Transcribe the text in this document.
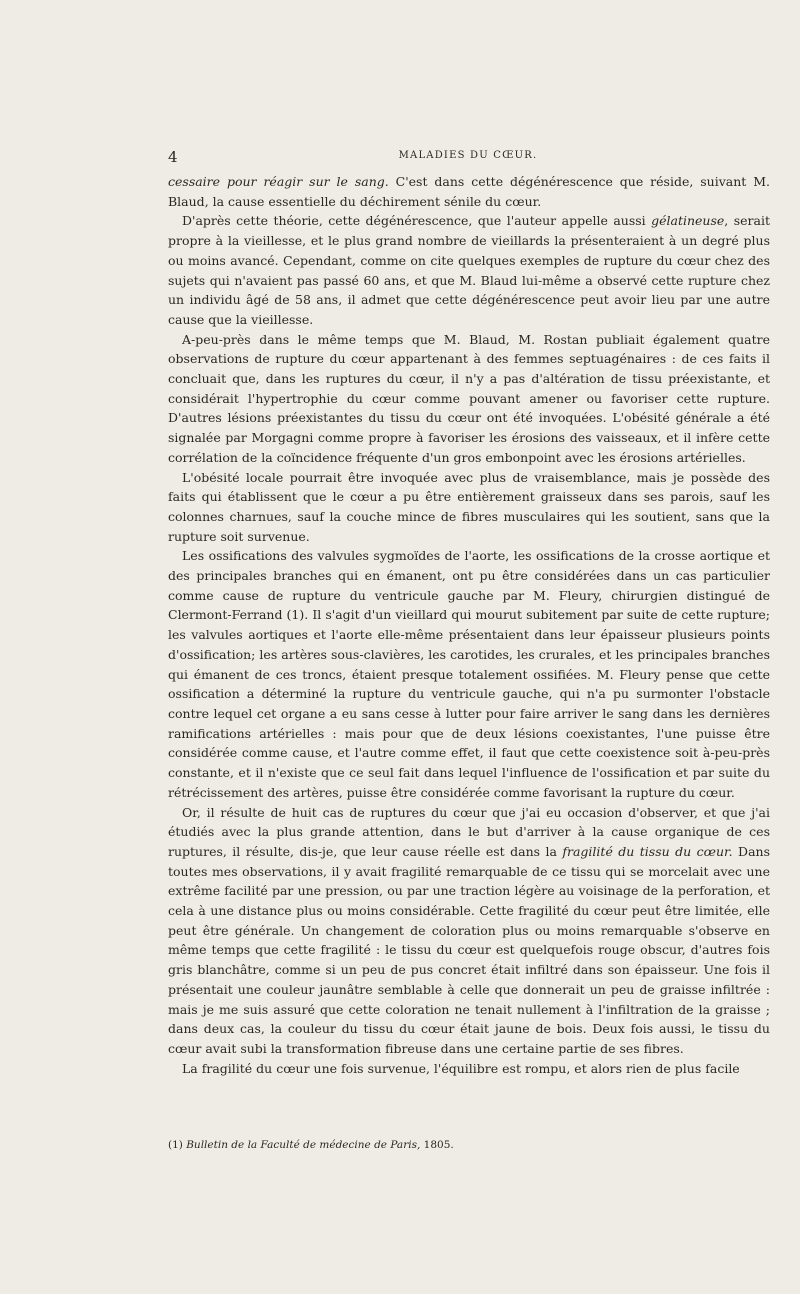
4	MALADIES DU CŒUR.

cessaire pour réagir sur le sang. C'est dans cette dégénérescence que réside, suivant M. Blaud, la cause essentielle du déchirement sénile du cœur.

D'après cette théorie, cette dégénérescence, que l'auteur appelle aussi gélatineuse, serait propre à la vieillesse, et le plus grand nombre de vieillards la présenteraient à un degré plus ou moins avancé. Cependant, comme on cite quelques exemples de rupture du cœur chez des sujets qui n'avaient pas passé 60 ans, et que M. Blaud lui-même a observé cette rupture chez un individu âgé de 58 ans, il admet que cette dégénérescence peut avoir lieu par une autre cause que la vieillesse.

A-peu-près dans le même temps que M. Blaud, M. Rostan publiait également quatre observations de rupture du cœur appartenant à des femmes septuagénaires : de ces faits il concluait que, dans les ruptures du cœur, il n'y a pas d'altération de tissu préexistante, et considérait l'hypertrophie du cœur comme pouvant amener ou favoriser cette rupture. D'autres lésions préexistantes du tissu du cœur ont été invoquées. L'obésité générale a été signalée par Morgagni comme propre à favoriser les érosions des vaisseaux, et il infère cette corrélation de la coïncidence fréquente d'un gros embonpoint avec les érosions artérielles.

L'obésité locale pourrait être invoquée avec plus de vraisemblance, mais je possède des faits qui établissent que le cœur a pu être entièrement graisseux dans ses parois, sauf les colonnes charnues, sauf la couche mince de fibres musculaires qui les soutient, sans que la rupture soit survenue.

Les ossifications des valvules sygmoïdes de l'aorte, les ossifications de la crosse aortique et des principales branches qui en émanent, ont pu être considérées dans un cas particulier comme cause de rupture du ventricule gauche par M. Fleury, chirurgien distingué de Clermont-Ferrand (1). Il s'agit d'un vieillard qui mourut subitement par suite de cette rupture; les valvules aortiques et l'aorte elle-même présentaient dans leur épaisseur plusieurs points d'ossification; les artères sous-clavières, les carotides, les crurales, et les principales branches qui émanent de ces troncs, étaient presque totalement ossifiées. M. Fleury pense que cette ossification a déterminé la rupture du ventricule gauche, qui n'a pu surmonter l'obstacle contre lequel cet organe a eu sans cesse à lutter pour faire arriver le sang dans les dernières ramifications artérielles : mais pour que de deux lésions coexistantes, l'une puisse être considérée comme cause, et l'autre comme effet, il faut que cette coexistence soit à-peu-près constante, et il n'existe que ce seul fait dans lequel l'influence de l'ossification et par suite du rétrécissement des artères, puisse être considérée comme favorisant la rupture du cœur.

Or, il résulte de huit cas de ruptures du cœur que j'ai eu occasion d'observer, et que j'ai étudiés avec la plus grande attention, dans le but d'arriver à la cause organique de ces ruptures, il résulte, dis-je, que leur cause réelle est dans la fragilité du tissu du cœur. Dans toutes mes observations, il y avait fragilité remarquable de ce tissu qui se morcelait avec une extrême facilité par une pression, ou par une traction légère au voisinage de la perforation, et cela à une distance plus ou moins considérable. Cette fragilité du cœur peut être limitée, elle peut être générale. Un changement de coloration plus ou moins remarquable s'observe en même temps que cette fragilité : le tissu du cœur est quelquefois rouge obscur, d'autres fois gris blanchâtre, comme si un peu de pus concret était infiltré dans son épaisseur. Une fois il présentait une couleur jaunâtre semblable à celle que donnerait un peu de graisse infiltrée : mais je me suis assuré que cette coloration ne tenait nullement à l'infiltration de la graisse ; dans deux cas, la couleur du tissu du cœur était jaune de bois. Deux fois aussi, le tissu du cœur avait subi la transformation fibreuse dans une certaine partie de ses fibres.

La fragilité du cœur une fois survenue, l'équilibre est rompu, et alors rien de plus facile

(1) Bulletin de la Faculté de médecine de Paris, 1805.
